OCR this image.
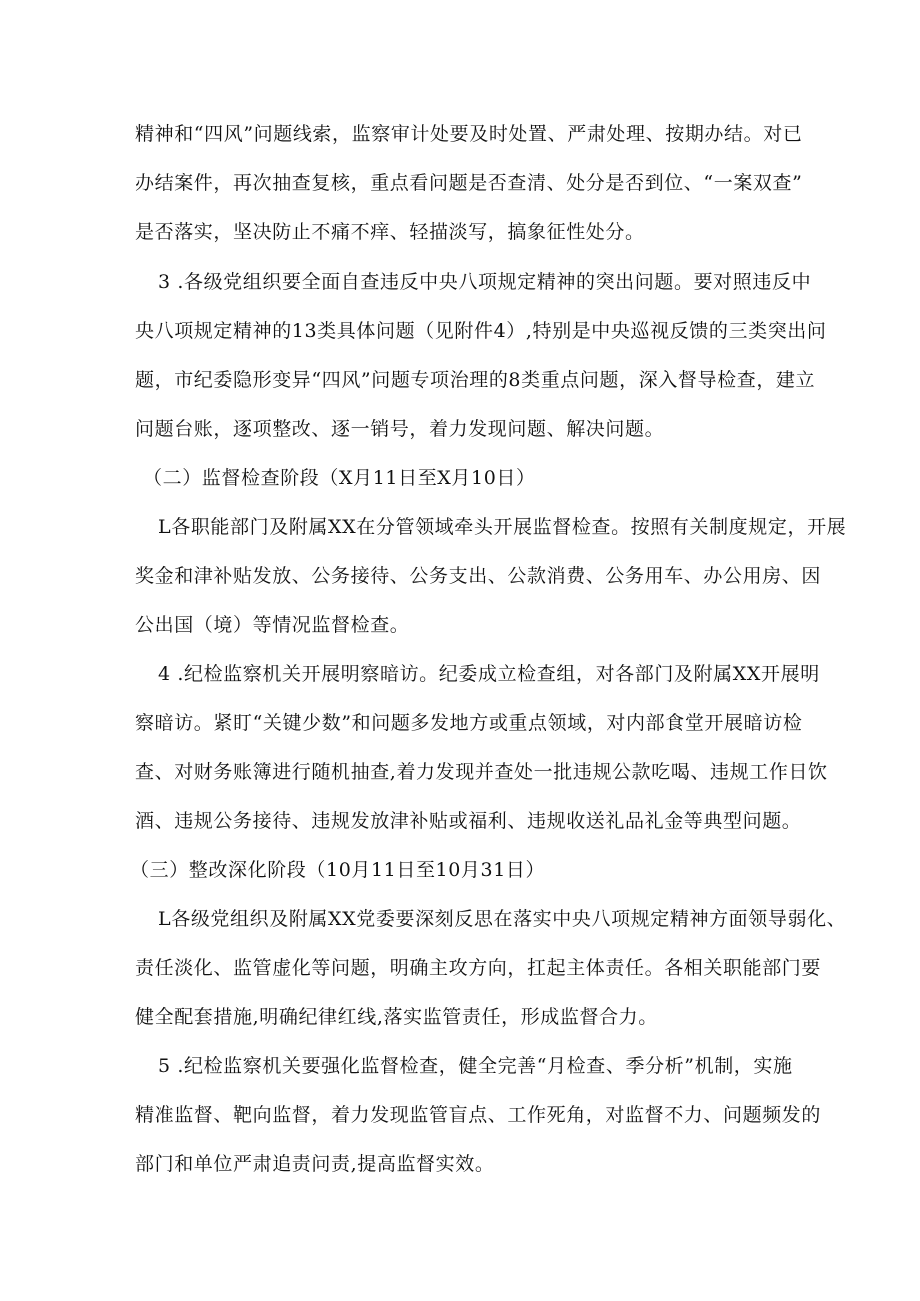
精神和“四风”问题线索，监察审计处要及时处置、严肃处理、按期办结。对已
办结案件，再次抽查复核，重点看问题是否查清、处分是否到位、“一案双查”
是否落实，坚决防止不痛不痒、轻描淡写，搞象征性处分。
3 .各级党组织要全面自查违反中央八项规定精神的突出问题。要对照违反中
央八项规定精神的13类具体问题（见附件4）,特别是中央巡视反馈的三类突出问
题，市纪委隐形变异“四风”问题专项治理的8类重点问题，深入督导检查，建立
问题台账，逐项整改、逐一销号，着力发现问题、解决问题。
（二）监督检查阶段（X月11日至X月10日）
L各职能部门及附属XX在分管领域牵头开展监督检查。按照有关制度规定，开展
奖金和津补贴发放、公务接待、公务支出、公款消费、公务用车、办公用房、因
公出国（境）等情况监督检查。
4 .纪检监察机关开展明察暗访。纪委成立检查组，对各部门及附属XX开展明
察暗访。紧盯“关键少数”和问题多发地方或重点领域，对内部食堂开展暗访检
查、对财务账簿进行随机抽查,着力发现并查处一批违规公款吃喝、违规工作日饮
酒、违规公务接待、违规发放津补贴或福利、违规收送礼品礼金等典型问题。
（三）整改深化阶段（10月11日至10月31日）
L各级党组织及附属XX党委要深刻反思在落实中央八项规定精神方面领导弱化、
责任淡化、监管虚化等问题，明确主攻方向，扛起主体责任。各相关职能部门要
健全配套措施,明确纪律红线,落实监管责任，形成监督合力。
5 .纪检监察机关要强化监督检查，健全完善“月检查、季分析”机制，实施
精准监督、靶向监督，着力发现监管盲点、工作死角，对监督不力、问题频发的
部门和单位严肃追责问责,提高监督实效。
